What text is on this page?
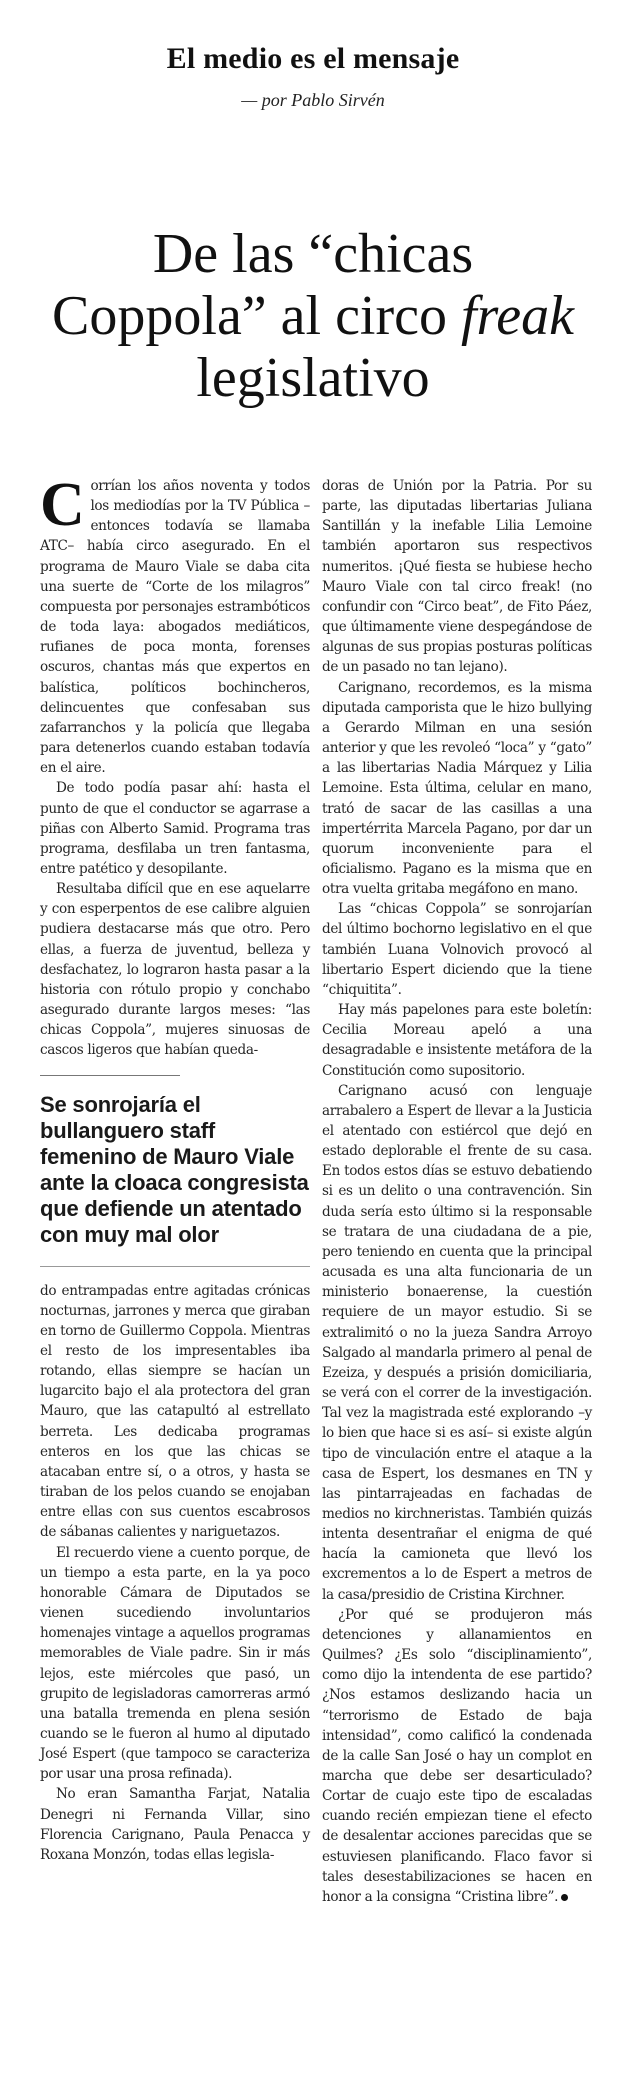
El medio es el mensaje
— por Pablo Sirvén
De las “chicas Coppola” al circo freak legislativo

Corrían los años noventa y todos los mediodías por la TV Pública –entonces todavía se llamaba ATC– había circo asegurado. En el programa de Mauro Viale se daba cita una suerte de “Corte de los milagros” compuesta por personajes estrambóticos de toda laya: abogados mediáticos, rufianes de poca monta, forenses oscuros, chantas más que expertos en balística, políticos bochincheros, delincuentes que confesaban sus zafarranchos y la policía que llegaba para detenerlos cuando estaban todavía en el aire.

De todo podía pasar ahí: hasta el punto de que el conductor se agarrase a piñas con Alberto Samid. Programa tras programa, desfilaba un tren fantasma, entre patético y desopilante.

Resultaba difícil que en ese aquelarre y con esperpentos de ese calibre alguien pudiera destacarse más que otro. Pero ellas, a fuerza de juventud, belleza y desfachatez, lo lograron hasta pasar a la historia con rótulo propio y conchabo asegurado durante largos meses: “las chicas Coppola”, mujeres sinuosas de cascos ligeros que habían queda-

Se sonrojaría el bullanguero staff femenino de Mauro Viale ante la cloaca congresista que defiende un atentado con muy mal olor

do entrampadas entre agitadas crónicas nocturnas, jarrones y merca que giraban en torno de Guillermo Coppola. Mientras el resto de los impresentables iba rotando, ellas siempre se hacían un lugarcito bajo el ala protectora del gran Mauro, que las catapultó al estrellato berreta. Les dedicaba programas enteros en los que las chicas se atacaban entre sí, o a otros, y hasta se tiraban de los pelos cuando se enojaban entre ellas con sus cuentos escabrosos de sábanas calientes y nariguetazos.

El recuerdo viene a cuento porque, de un tiempo a esta parte, en la ya poco honorable Cámara de Diputados se vienen sucediendo involuntarios homenajes vintage a aquellos programas memorables de Viale padre. Sin ir más lejos, este miércoles que pasó, un grupito de legisladoras camorreras armó una batalla tremenda en plena sesión cuando se le fueron al humo al diputado José Espert (que tampoco se caracteriza por usar una prosa refinada).

No eran Samantha Farjat, Natalia Denegri ni Fernanda Villar, sino Florencia Carignano, Paula Penacca y Roxana Monzón, todas ellas legisla-

doras de Unión por la Patria. Por su parte, las diputadas libertarias Juliana Santillán y la inefable Lilia Lemoine también aportaron sus respectivos numeritos. ¡Qué fiesta se hubiese hecho Mauro Viale con tal circo freak! (no confundir con “Circo beat”, de Fito Páez, que últimamente viene despegándose de algunas de sus propias posturas políticas de un pasado no tan lejano).

Carignano, recordemos, es la misma diputada camporista que le hizo bullying a Gerardo Milman en una sesión anterior y que les revoleó “loca” y “gato” a las libertarias Nadia Márquez y Lilia Lemoine. Esta última, celular en mano, trató de sacar de las casillas a una impertérrita Marcela Pagano, por dar un quorum inconveniente para el oficialismo. Pagano es la misma que en otra vuelta gritaba megáfono en mano.

Las “chicas Coppola” se sonrojarían del último bochorno legislativo en el que también Luana Volnovich provocó al libertario Espert diciendo que la tiene “chiquitita”.

Hay más papelones para este boletín: Cecilia Moreau apeló a una desagradable e insistente metáfora de la Constitución como supositorio.

Carignano acusó con lenguaje arrabalero a Espert de llevar a la Justicia el atentado con estiércol que dejó en estado deplorable el frente de su casa. En todos estos días se estuvo debatiendo si es un delito o una contravención. Sin duda sería esto último si la responsable se tratara de una ciudadana de a pie, pero teniendo en cuenta que la principal acusada es una alta funcionaria de un ministerio bonaerense, la cuestión requiere de un mayor estudio. Si se extralimitó o no la jueza Sandra Arroyo Salgado al mandarla primero al penal de Ezeiza, y después a prisión domiciliaria, se verá con el correr de la investigación. Tal vez la magistrada esté explorando –y lo bien que hace si es así– si existe algún tipo de vinculación entre el ataque a la casa de Espert, los desmanes en TN y las pintarrajeadas en fachadas de medios no kirchneristas. También quizás intenta desentrañar el enigma de qué hacía la camioneta que llevó los excrementos a lo de Espert a metros de la casa/presidio de Cristina Kirchner.

¿Por qué se produjeron más detenciones y allanamientos en Quilmes? ¿Es solo “disciplinamiento”, como dijo la intendenta de ese partido? ¿Nos estamos deslizando hacia un “terrorismo de Estado de baja intensidad”, como calificó la condenada de la calle San José o hay un complot en marcha que debe ser desarticulado? Cortar de cuajo este tipo de escaladas cuando recién empiezan tiene el efecto de desalentar acciones parecidas que se estuviesen planificando. Flaco favor si tales desestabilizaciones se hacen en honor a la consigna “Cristina libre”.
